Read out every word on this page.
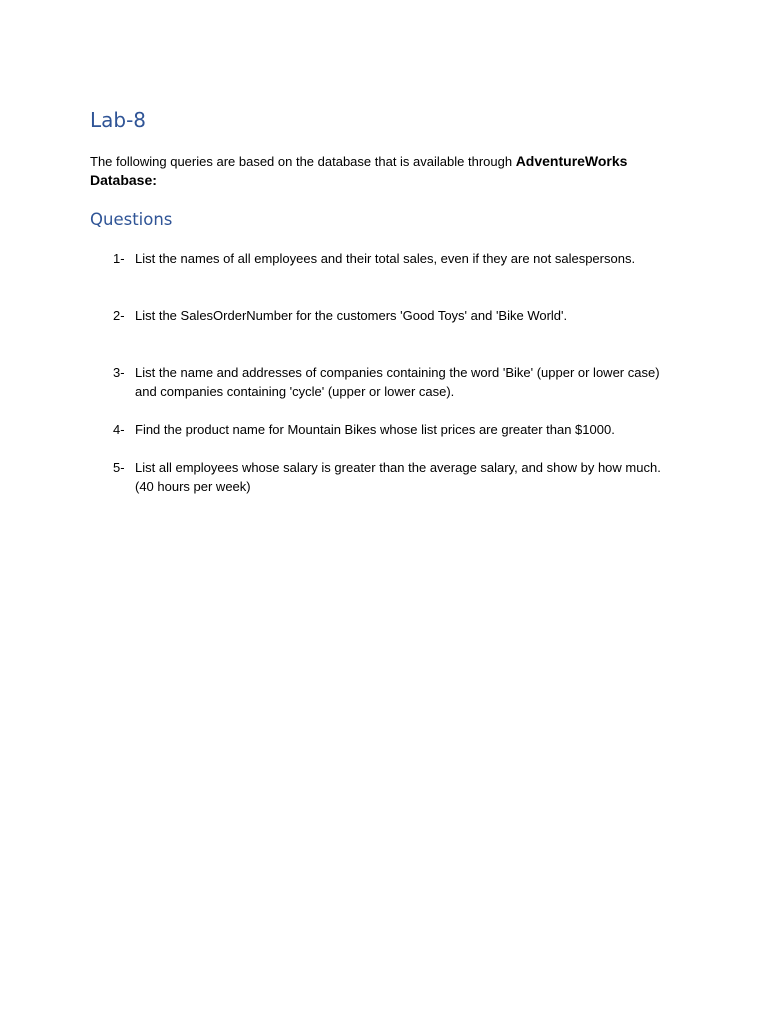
Lab-8

The following queries are based on the database that is available through AdventureWorks Database:

Questions
1- List the names of all employees and their total sales, even if they are not salespersons.
2- List the SalesOrderNumber for the customers 'Good Toys' and 'Bike World'.
3- List the name and addresses of companies containing the word 'Bike' (upper or lower case) and companies containing 'cycle' (upper or lower case).
4- Find the product name for Mountain Bikes whose list prices are greater than $1000.
5- List all employees whose salary is greater than the average salary, and show by how much. (40 hours per week)
